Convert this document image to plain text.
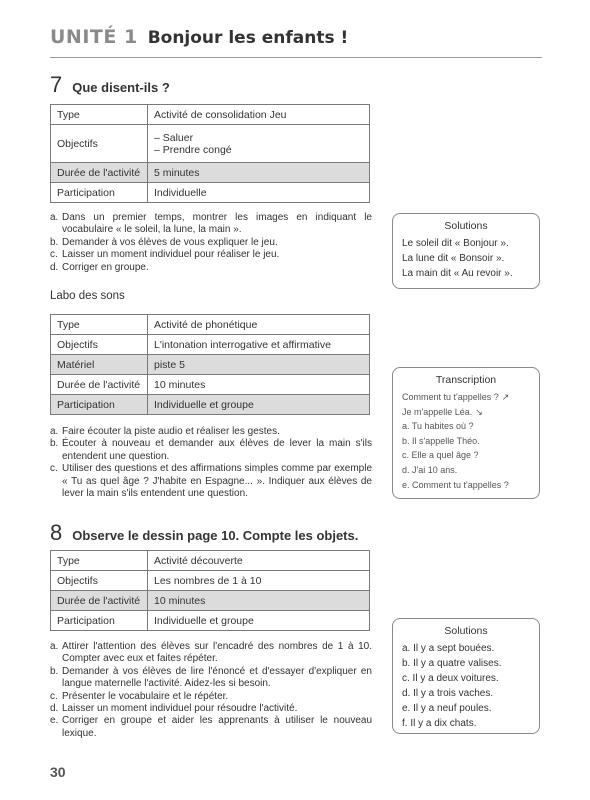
UNITÉ 1 Bonjour les enfants !
7 Que disent-ils ?
Type	Activité de consolidation Jeu

Objectifs	– Saluer
– Prendre congé

Durée de l'activité	5 minutes

Participation	Individuelle
a. Dans un premier temps, montrer les images en indiquant le vocabulaire « le soleil, la lune, la main ».
b. Demander à vos élèves de vous expliquer le jeu.
c. Laisser un moment individuel pour réaliser le jeu.
d. Corriger en groupe.
Solutions
Le soleil dit « Bonjour ».
La lune dit « Bonsoir ».
La main dit « Au revoir ».
Labo des sons
Type	Activité de phonétique

Objectifs	L'intonation interrogative et affirmative

Matériel	piste 5

Durée de l'activité	10 minutes

Participation	Individuelle et groupe
a. Faire écouter la piste audio et réaliser les gestes.
b. Écouter à nouveau et demander aux élèves de lever la main s'ils entendent une question.
c. Utiliser des questions et des affirmations simples comme par exemple « Tu as quel âge ? J'habite en Espagne... ». Indiquer aux élèves de lever la main s'ils entendent une question.
Transcription
Comment tu t'appelles ? ↗
Je m'appelle Léa. ↘
a. Tu habites où ?
b. Il s'appelle Théo.
c. Elle a quel âge ?
d. J'ai 10 ans.
e. Comment tu t'appelles ?
8 Observe le dessin page 10. Compte les objets.
Type	Activité découverte

Objectifs	Les nombres de 1 à 10

Durée de l'activité	10 minutes

Participation	Individuelle et groupe
a. Attirer l'attention des élèves sur l'encadré des nombres de 1 à 10. Compter avec eux et faites répéter.
b. Demander à vos élèves de lire l'énoncé et d'essayer d'expliquer en langue maternelle l'activité. Aidez-les si besoin.
c. Présenter le vocabulaire et le répéter.
d. Laisser un moment individuel pour résoudre l'activité.
e. Corriger en groupe et aider les apprenants à utiliser le nouveau lexique.
Solutions
a. Il y a sept bouées.
b. Il y a quatre valises.
c. Il y a deux voitures.
d. Il y a trois vaches.
e. Il y a neuf poules.
f. Il y a dix chats.
30
